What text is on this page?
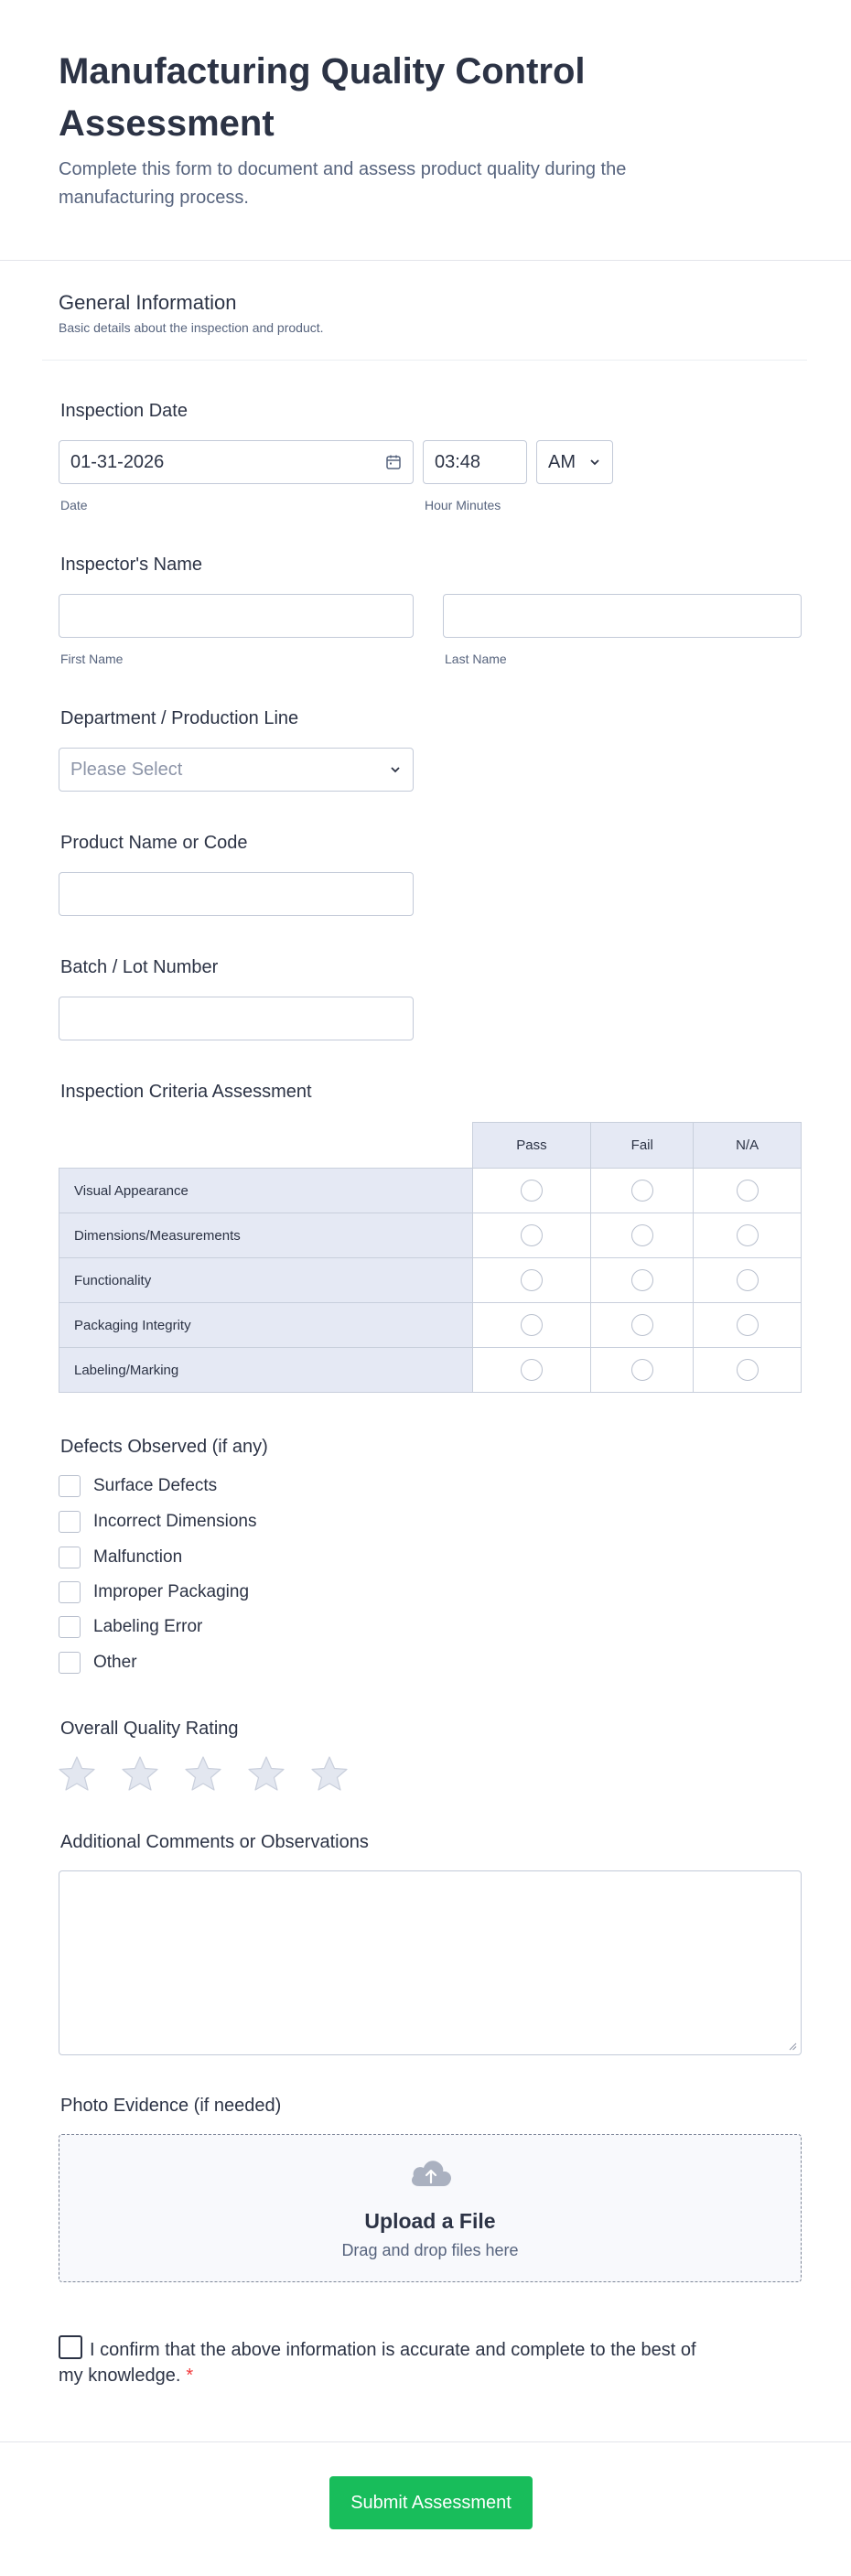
Manufacturing Quality Control Assessment

Complete this form to document and assess product quality during the manufacturing process.

General Information
Basic details about the inspection and product.
Inspection Date
01-31-2026	03:48	AM
Date	Hour Minutes
Inspector's Name
First Name	Last Name
Department / Production Line
Please Select
Product Name or Code
Batch / Lot Number
Inspection Criteria Assessment
	Pass	Fail	N/A
Visual Appearance			
Dimensions/Measurements			
Functionality			
Packaging Integrity			
Labeling/Marking			
Defects Observed (if any)
Surface Defects
Incorrect Dimensions
Malfunction
Improper Packaging
Labeling Error
Other
Overall Quality Rating
Additional Comments or Observations
Photo Evidence (if needed)
Upload a File
Drag and drop files here
I confirm that the above information is accurate and complete to the best of my knowledge. *
Submit Assessment
